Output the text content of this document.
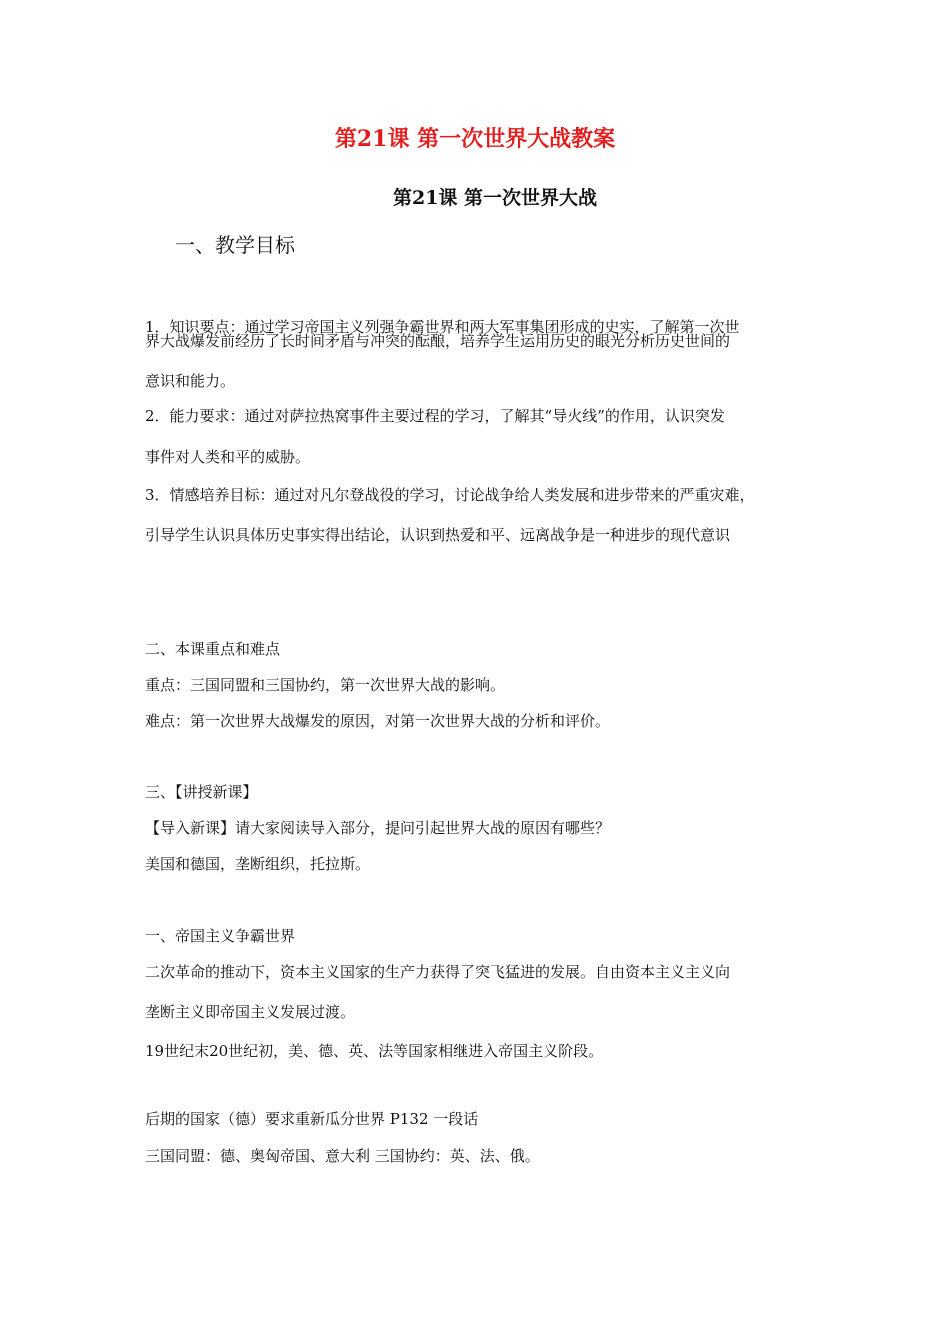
第21课 第一次世界大战教案
第21课 第一次世界大战
一、教学目标
1．知识要点：通过学习帝国主义列强争霸世界和两大军事集团形成的史实，了解第一次世
界大战爆发前经历了长时间矛盾与冲突的酝酿，培养学生运用历史的眼光分析历史世间的
意识和能力。
2．能力要求：通过对萨拉热窝事件主要过程的学习，了解其“导火线”的作用，认识突发
事件对人类和平的威胁。
3．情感培养目标：通过对凡尔登战役的学习，讨论战争给人类发展和进步带来的严重灾难，
引导学生认识具体历史事实得出结论，认识到热爱和平、远离战争是一种进步的现代意识
二、本课重点和难点
重点：三国同盟和三国协约，第一次世界大战的影响。
难点：第一次世界大战爆发的原因，对第一次世界大战的分析和评价。
三、【讲授新课】
【导入新课】请大家阅读导入部分，提问引起世界大战的原因有哪些？
美国和德国，垄断组织，托拉斯。
一、帝国主义争霸世界
二次革命的推动下，资本主义国家的生产力获得了突飞猛进的发展。自由资本主义主义向
垄断主义即帝国主义发展过渡。
19世纪末20世纪初，美、德、英、法等国家相继进入帝国主义阶段。
后期的国家（德）要求重新瓜分世界 P132 一段话
三国同盟：德、奥匈帝国、意大利 三国协约：英、法、俄。
